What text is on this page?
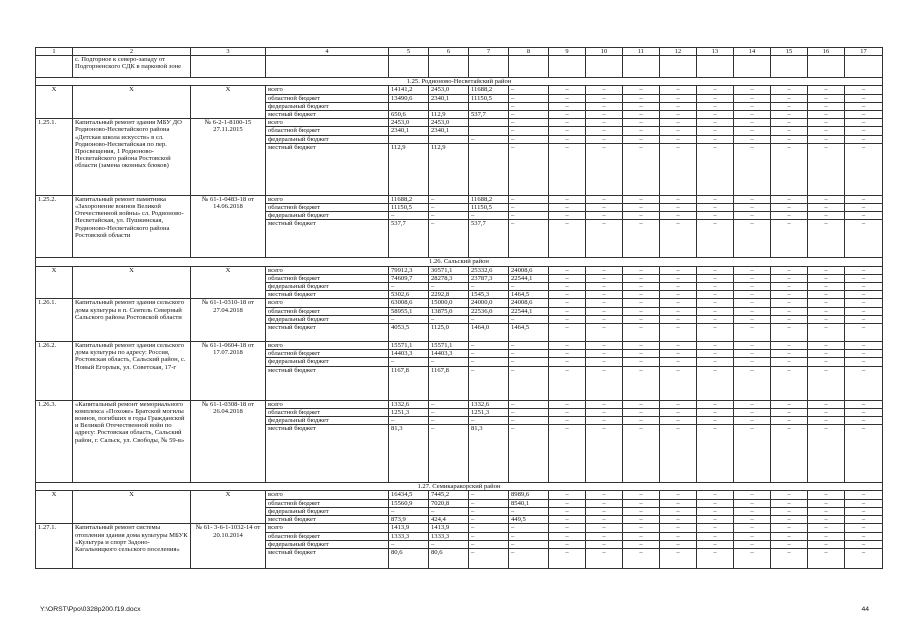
1	2	3	4	5	6	7	8	9	10	11	12	13	14	15	16	17
	с. Подгорное к северо-западу от Подгорненского СДК в парковой зоне															
1.25. Родионово-Несветайский район																
X	X	X	всего	14141,2	2453,0	11688,2	–	–	–	–	–	–	–	–	–	–
			областной бюджет	13490,6	2340,1	11150,5	–	–	–	–	–	–	–	–	–	–
			федеральный бюджет				–	–	–	–	–	–	–	–	–	–
			местный бюджет	650,6	112,9	537,7	–	–	–	–	–	–	–	–	–	–
1.25.1.	Капитальный ремонт здания МБУ ДО Родионово-Несветайского района «Детская школа искусств» в сл. Родионово-Несветайская по пер. Просвещения, 1 Родионово-Несветайского района Ростовской области (замена оконных блоков)	№ 6-2-1-8100-15 27.11.2015	всего	2453,0	2453,0		–	–	–	–	–	–	–	–	–	–
			областной бюджет	2340,1	2340,1		–	–	–	–	–	–	–	–	–	–
			федеральный бюджет			–	–	–	–	–	–	–	–	–	–	–
			местный бюджет	112,9	112,9		–	–	–	–	–	–	–	–	–	–
1.25.2.	Капитальный ремонт памятника «Захоронение воинов Великой Отечественной войны» сл. Родионово-Несветайская, ул. Пушкинская, Родионово-Несветайского района Ростовской области	№ 61-1-0483-18 от 14.06.2018	всего	11688,2	–	11688,2	–	–	–	–	–	–	–	–	–	–
			областной бюджет	11150,5	–	11150,5	–	–	–	–	–	–	–	–	–	–
			федеральный бюджет	–	–	–	–	–	–	–	–	–	–	–	–	–
			местный бюджет	537,7	–	537,7	–	–	–	–	–	–	–	–	–	–
1.26. Сальский район																
X	X	X	всего	79912,3	30571,1	25332,6	24008,6	–	–	–	–	–	–	–	–	–
			областной бюджет	74609,7	28278,3	23787,3	22544,1	–	–	–	–	–	–	–	–	–
			федеральный бюджет	–	–	–	–	–	–	–	–	–	–	–	–	–
			местный бюджет	5302,6	2292,8	1545,3	1464,5	–	–	–	–	–	–	–	–	–
1.26.1.	Капитальный ремонт здания сельского дома культуры в п. Сеятель Северный Сальского района Ростовской области	№ 61-1-0310-18 от 27.04.2018	всего	63008,6	15000,0	24000,0	24008,6	–	–	–	–	–	–	–	–	–
			областной бюджет	58955,1	13875,0	22536,0	22544,1	–	–	–	–	–	–	–	–	–
			федеральный бюджет	–	–	–	–	–	–	–	–	–	–	–	–	–
			местный бюджет	4053,5	1125,0	1464,0	1464,5	–	–	–	–	–	–	–	–	–
1.26.2.	Капитальный ремонт здания сельского дома культуры по адресу: Россия, Ростовская область, Сальский район, с. Новый Егорлык, ул. Советская, 17-г	№ 61-1-0604-18 от 17.07.2018	всего	15571,1	15571,1	–	–	–	–	–	–	–	–	–	–	–
			областной бюджет	14403,3	14403,3	–	–	–	–	–	–	–	–	–	–	–
			федеральный бюджет	–	–	–	–	–	–	–	–	–	–	–	–	–
			местный бюджет	1167,8	1167,8	–	–	–	–	–	–	–	–	–	–	–
1.26.3.	«Капитальный ремонт мемориального комплекса «Похоже» Братской могилы воинов, погибших в годы Гражданской и Великой Отечественной войн по адресу: Ростовская область, Сальский район, г. Сальск, ул. Свободы, № 59-в»	№ 61-1-0308-18 от 26.04.2018	всего	1332,6	–	1332,6	–	–	–	–	–	–	–	–	–	–
			областной бюджет	1251,3	–	1251,3	–	–	–	–	–	–	–	–	–	–
			федеральный бюджет	–	–	–	–	–	–	–	–	–	–	–	–	–
			местный бюджет	81,3	–	81,3	–	–	–	–	–	–	–	–	–	–
1.27. Семикаракорский район																
X	X	X	всего	16434,5	7445,2	–	8989,6	–	–	–	–	–	–	–	–	–
			областной бюджет	15560,9	7020,8	–	8540,1	–	–	–	–	–	–	–	–	–
			федеральный бюджет	–	–	–	–	–	–	–	–	–	–	–	–	–
			местный бюджет	873,9	424,4	–	449,5	–	–	–	–	–	–	–	–	–
1.27.1.	Капитальный ремонт системы отопления здания дома культуры МБУК «Культура и спорт Задоно-Кагальницкого сельского поселения»	№ 61- 3-6-1-1032-14 от 20.10.2014	всего	1413,9	1413,9	–	–	–	–	–	–	–	–	–	–	–
			областной бюджет	1333,3	1333,3	–	–	–	–	–	–	–	–	–	–	–
			федеральный бюджет	–	–	–	–	–	–	–	–	–	–	–	–	–
			местный бюджет	80,6	80,6	–	–	–	–	–	–	–	–	–	–	–
Y:\ORST\Ppo\0328p200.f19.docx	44
